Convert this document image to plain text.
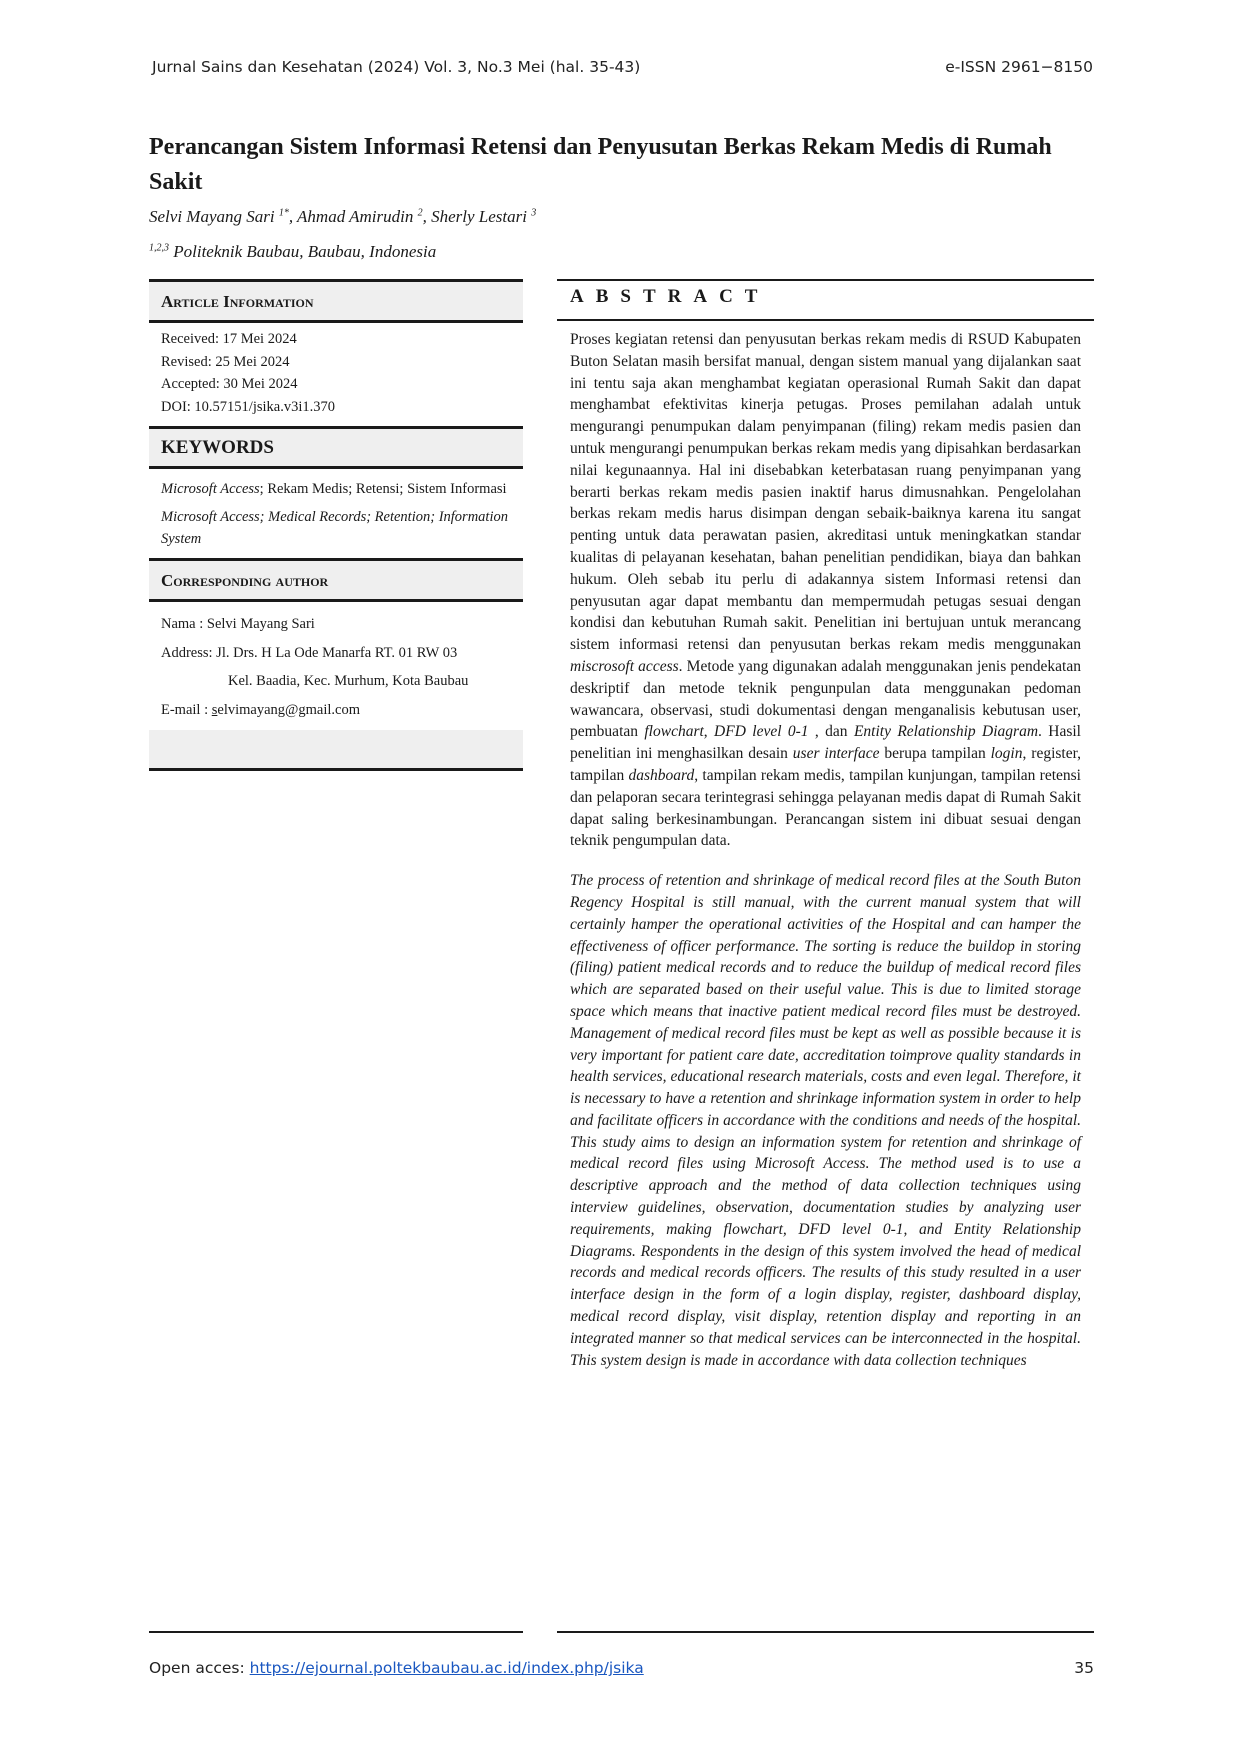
Jurnal Sains dan Kesehatan (2024) Vol. 3, No.3 Mei (hal. 35-43)	e-ISSN 2961−8150
Perancangan Sistem Informasi Retensi dan Penyusutan Berkas Rekam Medis di Rumah Sakit
Selvi Mayang Sari $^{1*}$, Ahmad Amirudin $^2$, Sherly Lestari $^3$
$^{1,2,3}$ Politeknik Baubau, Baubau, Indonesia
Article Information
Received: 17 Mei 2024
Revised: 25 Mei 2024
Accepted: 30 Mei 2024
DOI: 10.57151/jsika.v3i1.370
KEYWORDS
Microsoft Access; Rekam Medis; Retensi; Sistem Informasi
Microsoft Access; Medical Records; Retention; Information System
Corresponding author
Nama : Selvi Mayang Sari
Address: Jl. Drs. H La Ode Manarfa RT. 01 RW 03
Kel. Baadia, Kec. Murhum, Kota Baubau
E-mail : selvimayang@gmail.com
ABSTRACT
Proses kegiatan retensi dan penyusutan berkas rekam medis di RSUD Kabupaten Buton Selatan masih bersifat manual, dengan sistem manual yang dijalankan saat ini tentu saja akan menghambat kegiatan operasional Rumah Sakit dan dapat menghambat efektivitas kinerja petugas. Proses pemilahan adalah untuk mengurangi penumpukan dalam penyimpanan (filing) rekam medis pasien dan untuk mengurangi penumpukan berkas rekam medis yang dipisahkan berdasarkan nilai kegunaannya. Hal ini disebabkan keterbatasan ruang penyimpanan yang berarti berkas rekam medis pasien inaktif harus dimusnahkan. Pengelolahan berkas rekam medis harus disimpan dengan sebaik-baiknya karena itu sangat penting untuk data perawatan pasien, akreditasi untuk meningkatkan standar kualitas di pelayanan kesehatan, bahan penelitian pendidikan, biaya dan bahkan hukum. Oleh sebab itu perlu di adakannya sistem Informasi retensi dan penyusutan agar dapat membantu dan mempermudah petugas sesuai dengan kondisi dan kebutuhan Rumah sakit. Penelitian ini bertujuan untuk merancang sistem informasi retensi dan penyusutan berkas rekam medis menggunakan miscrosoft access. Metode yang digunakan adalah menggunakan jenis pendekatan deskriptif dan metode teknik pengunpulan data menggunakan pedoman wawancara, observasi, studi dokumentasi dengan menganalisis kebutusan user, pembuatan flowchart, DFD level 0-1 , dan Entity Relationship Diagram. Hasil penelitian ini menghasilkan desain user interface berupa tampilan login, register, tampilan dashboard, tampilan rekam medis, tampilan kunjungan, tampilan retensi dan pelaporan secara terintegrasi sehingga pelayanan medis dapat di Rumah Sakit dapat saling berkesinambungan. Perancangan sistem ini dibuat sesuai dengan teknik pengumpulan data.
The process of retention and shrinkage of medical record files at the South Buton Regency Hospital is still manual, with the current manual system that will certainly hamper the operational activities of the Hospital and can hamper the effectiveness of officer performance. The sorting is reduce the buildop in storing (filing) patient medical records and to reduce the buildup of medical record files which are separated based on their useful value. This is due to limited storage space which means that inactive patient medical record files must be destroyed. Management of medical record files must be kept as well as possible because it is very important for patient care date, accreditation toimprove quality standards in health services, educational research materials, costs and even legal. Therefore, it is necessary to have a retention and shrinkage information system in order to help and facilitate officers in accordance with the conditions and needs of the hospital. This study aims to design an information system for retention and shrinkage of medical record files using Microsoft Access. The method used is to use a descriptive approach and the method of data collection techniques using interview guidelines, observation, documentation studies by analyzing user requirements, making flowchart, DFD level 0-1, and Entity Relationship Diagrams. Respondents in the design of this system involved the head of medical records and medical records officers. The results of this study resulted in a user interface design in the form of a login display, register, dashboard display, medical record display, visit display, retention display and reporting in an integrated manner so that medical services can be interconnected in the hospital. This system design is made in accordance with data collection techniques
Open acces: https://ejournal.poltekbaubau.ac.id/index.php/jsika	35
